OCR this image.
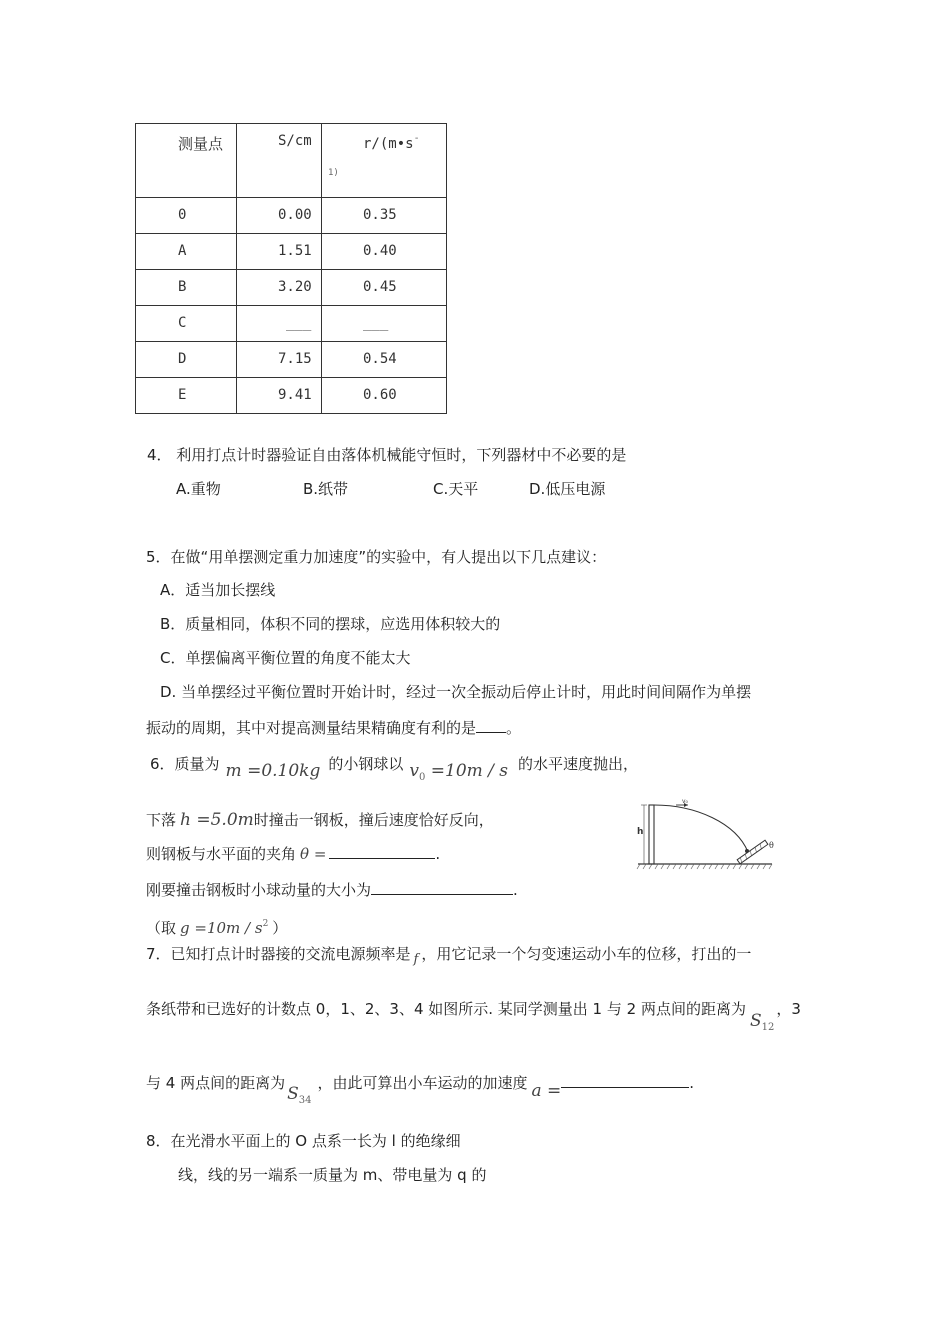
测量点	S/cm	r/(m•s-
$^{1)}$

0	0.00	0.35

A	1.51	0.40

B	3.20	0.45

C	___	___

D	7.15	0.54

E	9.41	0.60
4． 利用打点计时器验证自由落体机械能守恒时，下列器材中不必要的是
A.重物	B.纸带	C.天平	D.低压电源
5．在做“用单摆测定重力加速度”的实验中，有人提出以下几点建议：
A．适当加长摆线
B．质量相同，体积不同的摆球，应选用体积较大的
C．单摆偏离平衡位置的角度不能太大
D. 当单摆经过平衡位置时开始计时，经过一次全振动后停止计时，用此时间间隔作为单摆
振动的周期，其中对提高测量结果精确度有利的是 。
6．质量为 m =0.10kg 的小钢球以 $v_0 =10m / s$ 的水平速度抛出，
下落 h =5.0m时撞击一钢板，撞后速度恰好反向，
则钢板与水平面的夹角 θ =	.
刚要撞击钢板时小球动量的大小为	.
（取 $g =10m / s^2$ ）
h
v₀
θ
7．已知打点计时器接的交流电源频率是 f ，用它记录一个匀变速运动小车的位移，打出的一
条纸带和已选好的计数点 0，1、2、3、4 如图所示. 某同学测量出 1 与 2 两点间的距离为$S_{12}$，3
与 4 两点间的距离为$S_{34}$，由此可算出小车运动的加速度 a =	.
8．在光滑水平面上的 O 点系一长为 l 的绝缘细
线，线的另一端系一质量为 m、带电量为 q 的
